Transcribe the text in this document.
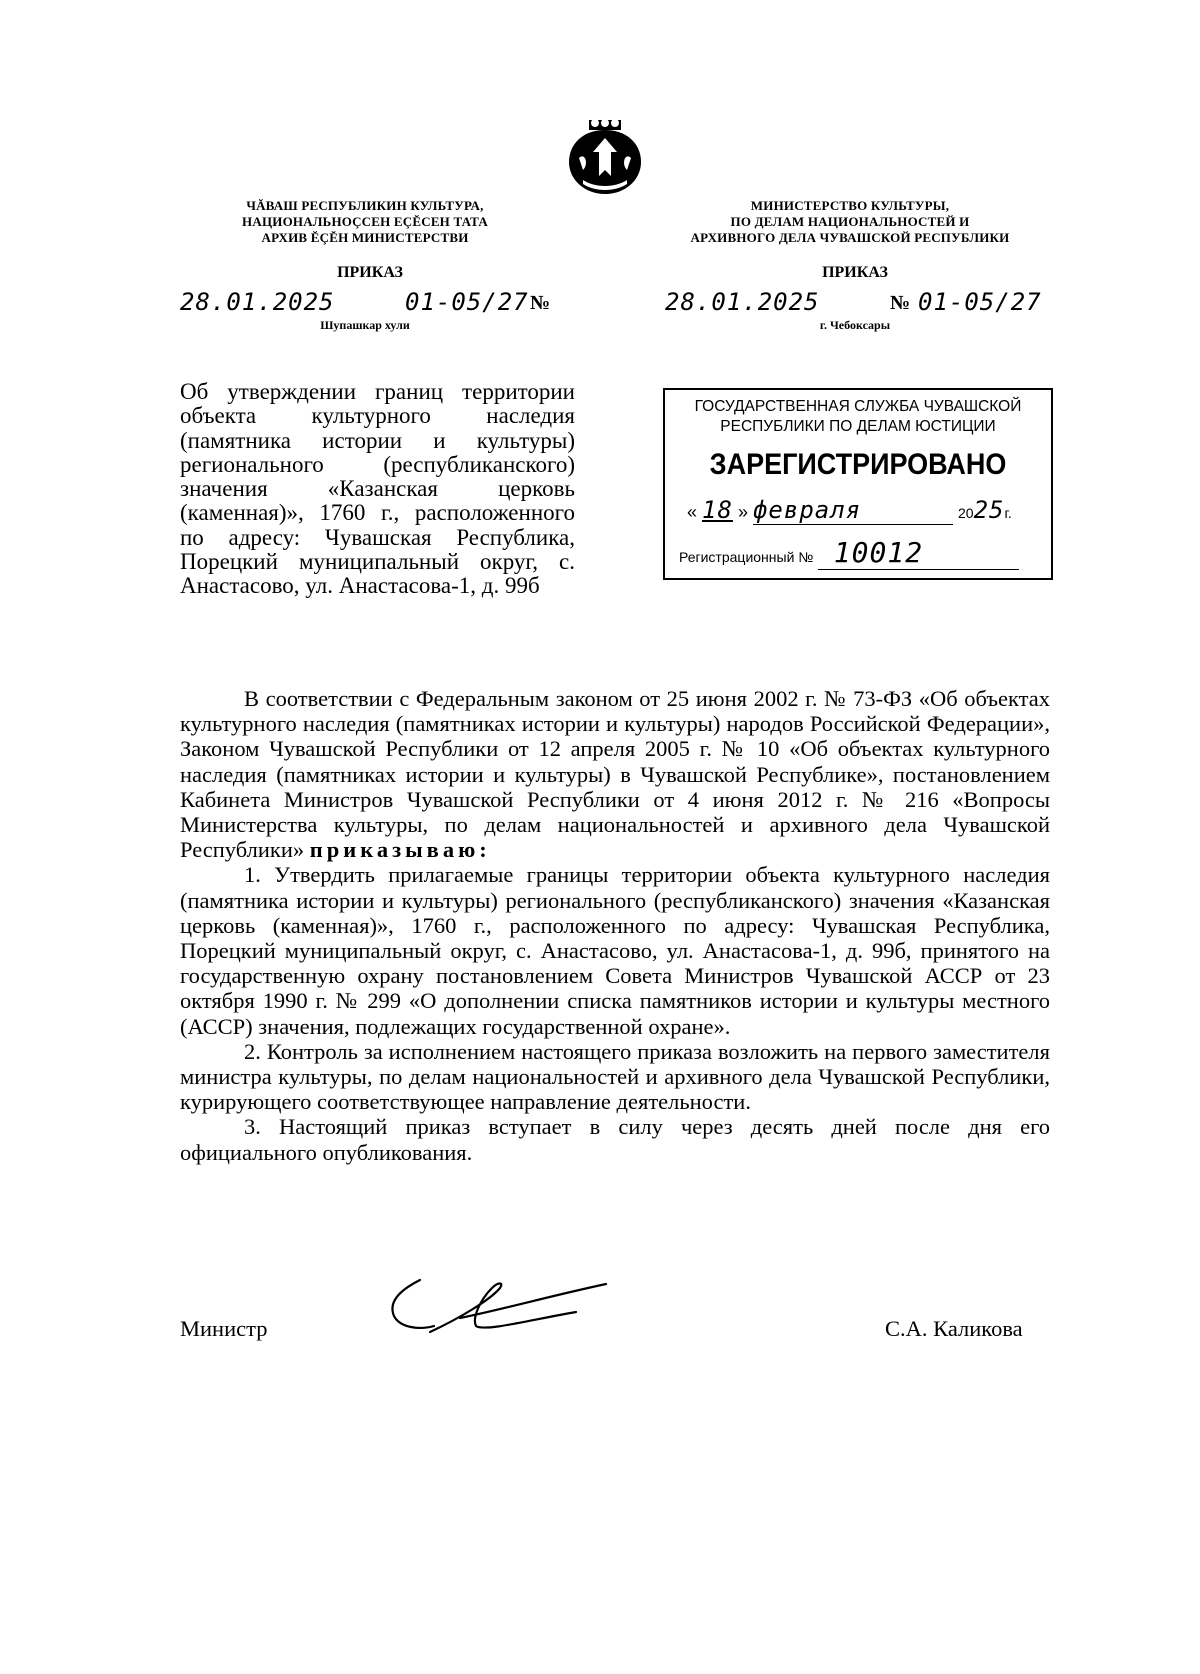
ЧĂВАШ РЕСПУБЛИКИН КУЛЬТУРА,
НАЦИОНАЛЬНОÇСЕН ЕÇĔСЕН ТАТА
АРХИВ ĔÇĔН МИНИСТЕРСТВИ
ПРИКАЗ
28.01.2025	01-05/27 №
Шупашкар хули
МИНИСТЕРСТВО КУЛЬТУРЫ,
ПО ДЕЛАМ НАЦИОНАЛЬНОСТЕЙ И
АРХИВНОГО ДЕЛА ЧУВАШСКОЙ РЕСПУБЛИКИ
ПРИКАЗ
28.01.2025	№ 01-05/27
г. Чебоксары
Об утверждении границ территории объекта культурного наследия (памятника истории и культуры) регионального (республиканского) значения «Казанская церковь (каменная)», 1760 г., расположенного по адресу: Чувашская Республика, Порецкий муниципальный округ, с. Анастасово, ул. Анастасова-1, д. 99б
ГОСУДАРСТВЕННАЯ СЛУЖБА ЧУВАШСКОЙ
РЕСПУБЛИКИ ПО ДЕЛАМ ЮСТИЦИИ
ЗАРЕГИСТРИРОВАНО
« 18 » февраля	2025г.
Регистрационный № 10012

В соответствии с Федеральным законом от 25 июня 2002 г. № 73-ФЗ «Об объектах культурного наследия (памятниках истории и культуры) народов Российской Федерации», Законом Чувашской Республики от 12 апреля 2005 г. № 10 «Об объектах культурного наследия (памятниках истории и культуры) в Чувашской Республике», постановлением Кабинета Министров Чувашской Республики от 4 июня 2012 г. № 216 «Вопросы Министерства культуры, по делам национальностей и архивного дела Чувашской Республики» приказываю:

1. Утвердить прилагаемые границы территории объекта культурного наследия (памятника истории и культуры) регионального (республиканского) значения «Казанская церковь (каменная)», 1760 г., расположенного по адресу: Чувашская Республика, Порецкий муниципальный округ, с. Анастасово, ул. Анастасова-1, д. 99б, принятого на государственную охрану постановлением Совета Министров Чувашской АССР от 23 октября 1990 г. № 299 «О дополнении списка памятников истории и культуры местного (АССР) значения, подлежащих государственной охране».

2. Контроль за исполнением настоящего приказа возложить на первого заместителя министра культуры, по делам национальностей и архивного дела Чувашской Республики, курирующего соответствующее направление деятельности.

3. Настоящий приказ вступает в силу через десять дней после дня его официального опубликования.

Министр	С.А. Каликова
